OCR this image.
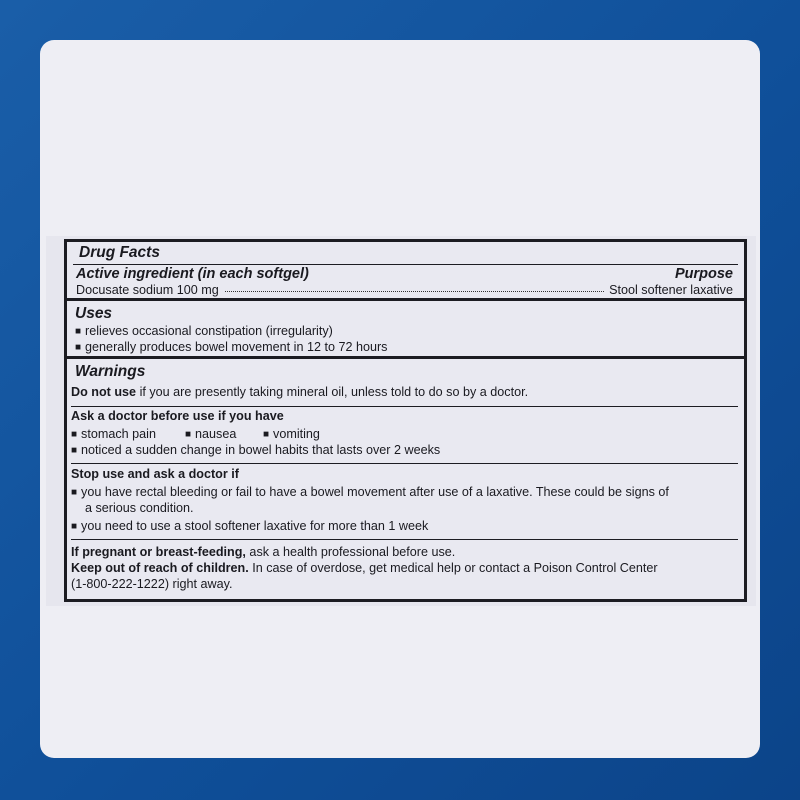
Drug Facts
Active ingredient (in each softgel)	Purpose
Docusate sodium 100 mg	Stool softener laxative
Uses
■ relieves occasional constipation (irregularity)
■ generally produces bowel movement in 12 to 72 hours
Warnings
Do not use if you are presently taking mineral oil, unless told to do so by a doctor.
Ask a doctor before use if you have
■ stomach pain	■ nausea	■ vomiting
■ noticed a sudden change in bowel habits that lasts over 2 weeks
Stop use and ask a doctor if
■ you have rectal bleeding or fail to have a bowel movement after use of a laxative. These could be signs of
a serious condition.
■ you need to use a stool softener laxative for more than 1 week
If pregnant or breast-feeding, ask a health professional before use.
Keep out of reach of children. In case of overdose, get medical help or contact a Poison Control Center
(1-800-222-1222) right away.
